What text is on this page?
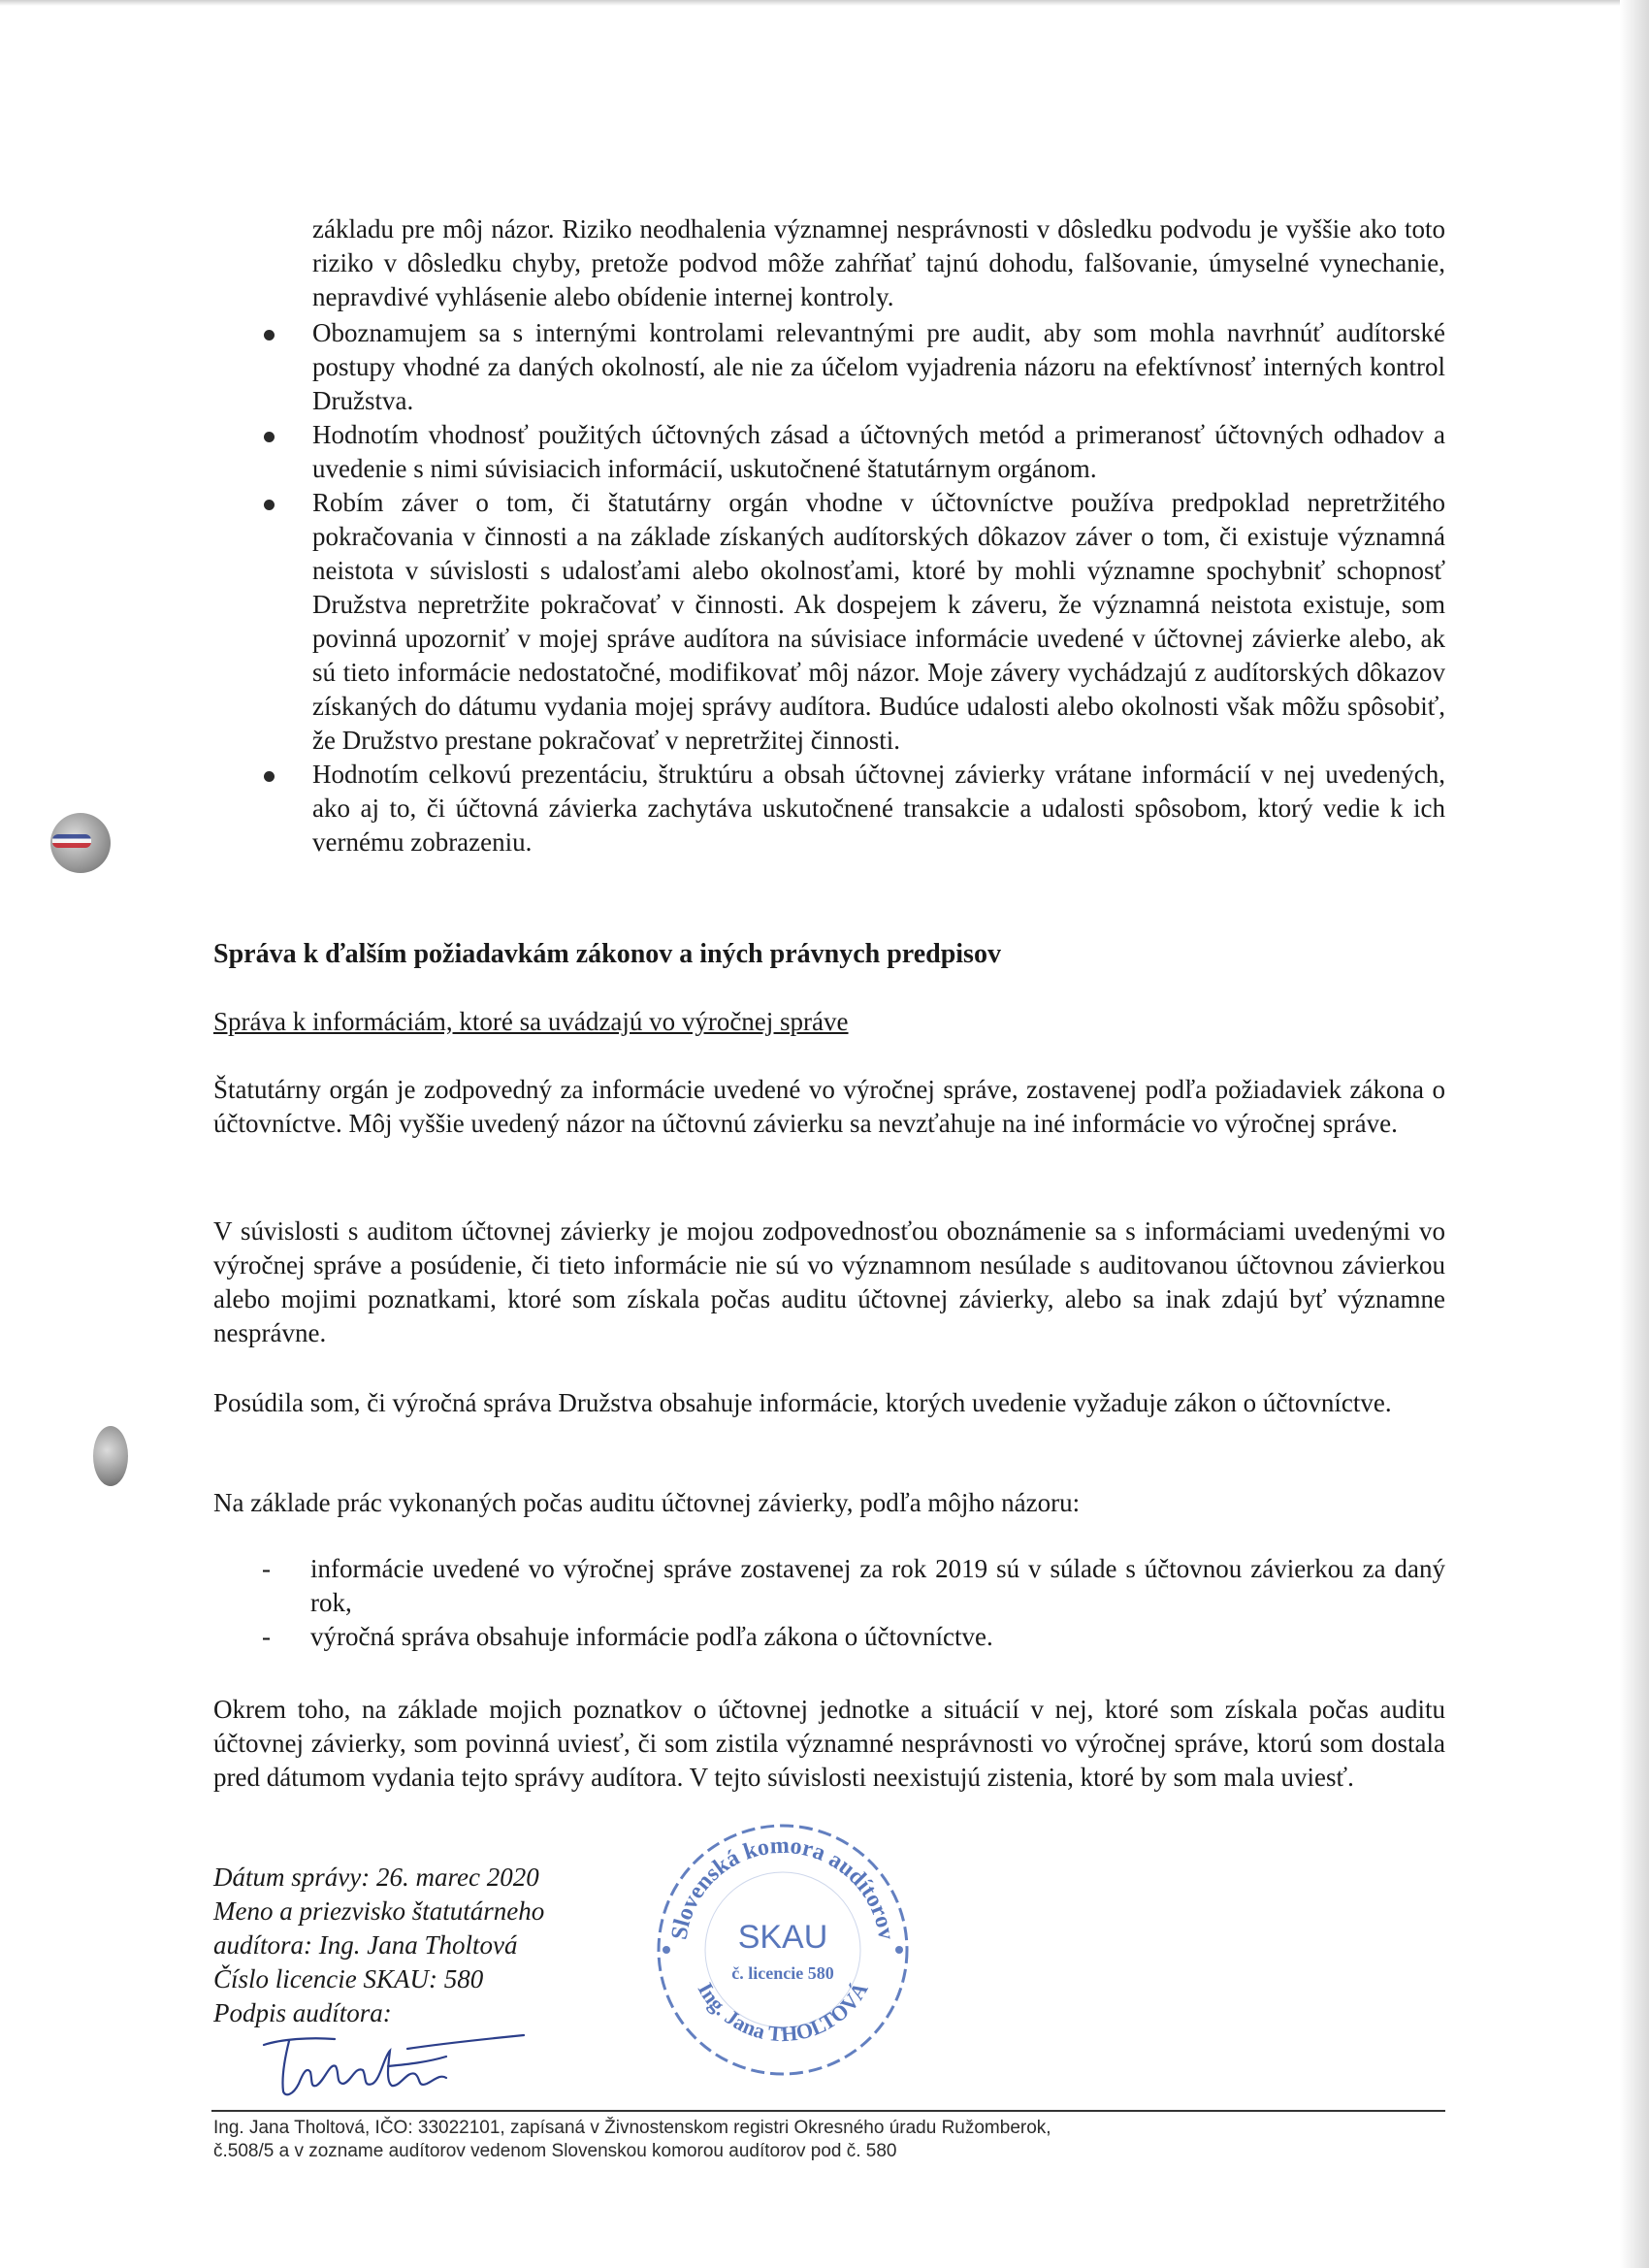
základu pre môj názor. Riziko neodhalenia významnej nesprávnosti v dôsledku podvodu je vyššie ako toto riziko v dôsledku chyby, pretože podvod môže zahŕňať tajnú dohodu, falšovanie, úmyselné vynechanie, nepravdivé vyhlásenie alebo obídenie internej kontroly.
Oboznamujem sa s internými kontrolami relevantnými pre audit, aby som mohla navrhnúť audítorské postupy vhodné za daných okolností, ale nie za účelom vyjadrenia názoru na efektívnosť interných kontrol Družstva.
Hodnotím vhodnosť použitých účtovných zásad a účtovných metód a primeranosť účtovných odhadov a uvedenie s nimi súvisiacich informácií, uskutočnené štatutárnym orgánom.
Robím záver o tom, či štatutárny orgán vhodne v účtovníctve používa predpoklad nepretržitého pokračovania v činnosti a na základe získaných audítorských dôkazov záver o tom, či existuje významná neistota v súvislosti s udalosťami alebo okolnosťami, ktoré by mohli významne spochybniť schopnosť Družstva nepretržite pokračovať v činnosti. Ak dospejem k záveru, že významná neistota existuje, som povinná upozorniť v mojej správe audítora na súvisiace informácie uvedené v účtovnej závierke alebo, ak sú tieto informácie nedostatočné, modifikovať môj názor. Moje závery vychádzajú z audítorských dôkazov získaných do dátumu vydania mojej správy audítora. Budúce udalosti alebo okolnosti však môžu spôsobiť, že Družstvo prestane pokračovať v nepretržitej činnosti.
Hodnotím celkovú prezentáciu, štruktúru a obsah účtovnej závierky vrátane informácií v nej uvedených, ako aj to, či účtovná závierka zachytáva uskutočnené transakcie a udalosti spôsobom, ktorý vedie k ich vernému zobrazeniu.
Správa k ďalším požiadavkám zákonov a iných právnych predpisov
Správa k informáciám, ktoré sa uvádzajú vo výročnej správe
Štatutárny orgán je zodpovedný za informácie uvedené vo výročnej správe, zostavenej podľa požiadaviek zákona o účtovníctve. Môj vyššie uvedený názor na účtovnú závierku sa nevzťahuje na iné informácie vo výročnej správe.
V súvislosti s auditom účtovnej závierky je mojou zodpovednosťou oboznámenie sa s informáciami uvedenými vo výročnej správe a posúdenie, či tieto informácie nie sú vo významnom nesúlade s auditovanou účtovnou závierkou alebo mojimi poznatkami, ktoré som získala počas auditu účtovnej závierky, alebo sa inak zdajú byť významne nesprávne.
Posúdila som, či výročná správa Družstva obsahuje informácie, ktorých uvedenie vyžaduje zákon o účtovníctve.
Na základe prác vykonaných počas auditu účtovnej závierky, podľa môjho názoru:
- informácie uvedené vo výročnej správe zostavenej za rok 2019 sú v súlade s účtovnou závierkou za daný rok,
- výročná správa obsahuje informácie podľa zákona o účtovníctve.
Okrem toho, na základe mojich poznatkov o účtovnej jednotke a situácií v nej, ktoré som získala počas auditu účtovnej závierky, som povinná uviesť, či som zistila významné nesprávnosti vo výročnej správe, ktorú som dostala pred dátumom vydania tejto správy audítora. V tejto súvislosti neexistujú zistenia, ktoré by som mala uviesť.
Dátum správy: 26. marec 2020
Meno a priezvisko štatutárneho
audítora: Ing. Jana Tholtová
Číslo licencie SKAU: 580
Podpis audítora:
Slovenská komora audítorov
Ing. Jana THOLTOVÁ
SKAU
č. licencie 580
Ing. Jana Tholtová, IČO: 33022101, zapísaná v Živnostenskom registri Okresného úradu Ružomberok,
č.508/5 a v zozname audítorov vedenom Slovenskou komorou audítorov pod č. 580
